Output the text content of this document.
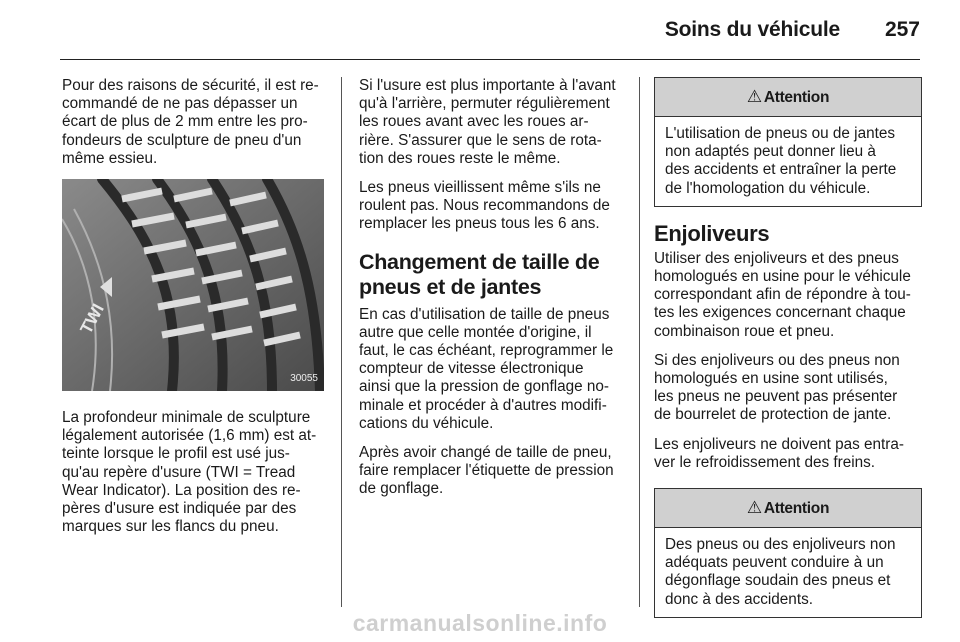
Soins du véhicule	257

Pour des raisons de sécurité, il est re-
commandé de ne pas dépasser un
écart de plus de 2 mm entre les pro-
fondeurs de sculpture de pneu d'un
même essieu.

TWI
30055

La profondeur minimale de sculpture
légalement autorisée (1,6 mm) est at-
teinte lorsque le profil est usé jus-
qu'au repère d'usure (TWI = Tread
Wear Indicator). La position des re-
pères d'usure est indiquée par des
marques sur les flancs du pneu.

Si l'usure est plus importante à l'avant
qu'à l'arrière, permuter régulièrement
les roues avant avec les roues ar-
rière. S'assurer que le sens de rota-
tion des roues reste le même.

Les pneus vieillissent même s'ils ne
roulent pas. Nous recommandons de
remplacer les pneus tous les 6 ans.

Changement de taille de
pneus et de jantes

En cas d'utilisation de taille de pneus
autre que celle montée d'origine, il
faut, le cas échéant, reprogrammer le
compteur de vitesse électronique
ainsi que la pression de gonflage no-
minale et procéder à d'autres modifi-
cations du véhicule.

Après avoir changé de taille de pneu,
faire remplacer l'étiquette de pression
de gonflage.

⚠ Attention
L'utilisation de pneus ou de jantes
non adaptés peut donner lieu à
des accidents et entraîner la perte
de l'homologation du véhicule.
Enjoliveurs

Utiliser des enjoliveurs et des pneus
homologués en usine pour le véhicule
correspondant afin de répondre à tou-
tes les exigences concernant chaque
combinaison roue et pneu.

Si des enjoliveurs ou des pneus non
homologués en usine sont utilisés,
les pneus ne peuvent pas présenter
de bourrelet de protection de jante.

Les enjoliveurs ne doivent pas entra-
ver le refroidissement des freins.

⚠ Attention
Des pneus ou des enjoliveurs non
adéquats peuvent conduire à un
dégonflage soudain des pneus et
donc à des accidents.
carmanualsonline.info
